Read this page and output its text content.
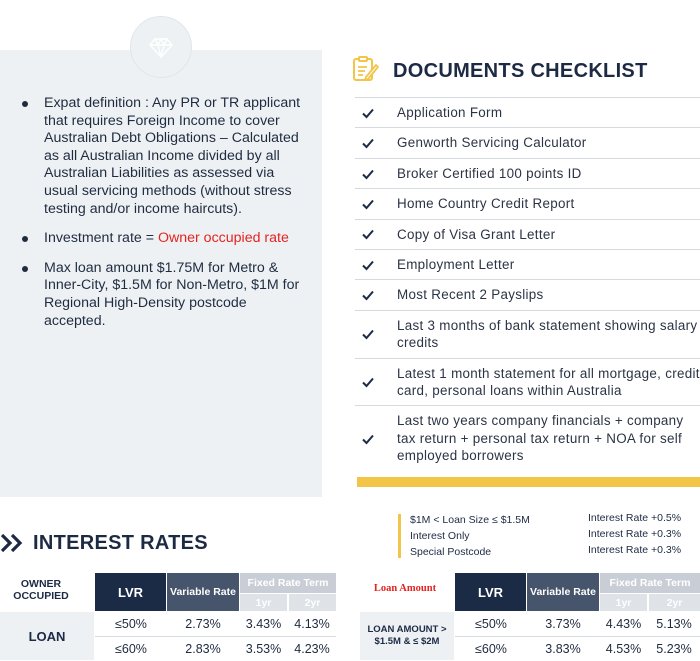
Expat definition : Any PR or TR applicant that requires Foreign Income to cover Australian Debt Obligations – Calculated as all Australian Income divided by all Australian Liabilities as assessed via usual servicing methods (without stress testing and/or income haircuts).
Investment rate = Owner occupied rate
Max loan amount $1.75M for Metro & Inner-City, $1.5M for Non-Metro, $1M for Regional High-Density postcode accepted.
DOCUMENTS CHECKLIST
Application Form
Genworth Servicing Calculator
Broker Certified 100 points ID
Home Country Credit Report
Copy of Visa Grant Letter
Employment Letter
Most Recent 2 Payslips
Last 3 months of bank statement showing salary credits
Latest 1 month statement for all mortgage, credit card, personal loans within Australia
Last two years company financials + company tax return + personal tax return + NOA for self employed borrowers
INTEREST RATES
$1M < Loan Size ≤ $1.5M	Interest Rate +0.5%
Interest Only	Interest Rate +0.3%
Special Postcode	Interest Rate +0.3%
OWNER OCCUPIED	LVR	Variable Rate
Fixed Rate Term
1yr	2yr
LOAN
≤50%	2.73%	3.43%	4.13%
≤60%	2.83%	3.53%	4.23%
Loan Amount	LVR	Variable Rate
Fixed Rate Term
1yr	2yr
LOAN AMOUNT > $1.5M & ≤ $2M
≤50%	3.73%	4.43%	5.13%
≤60%	3.83%	4.53%	5.23%
